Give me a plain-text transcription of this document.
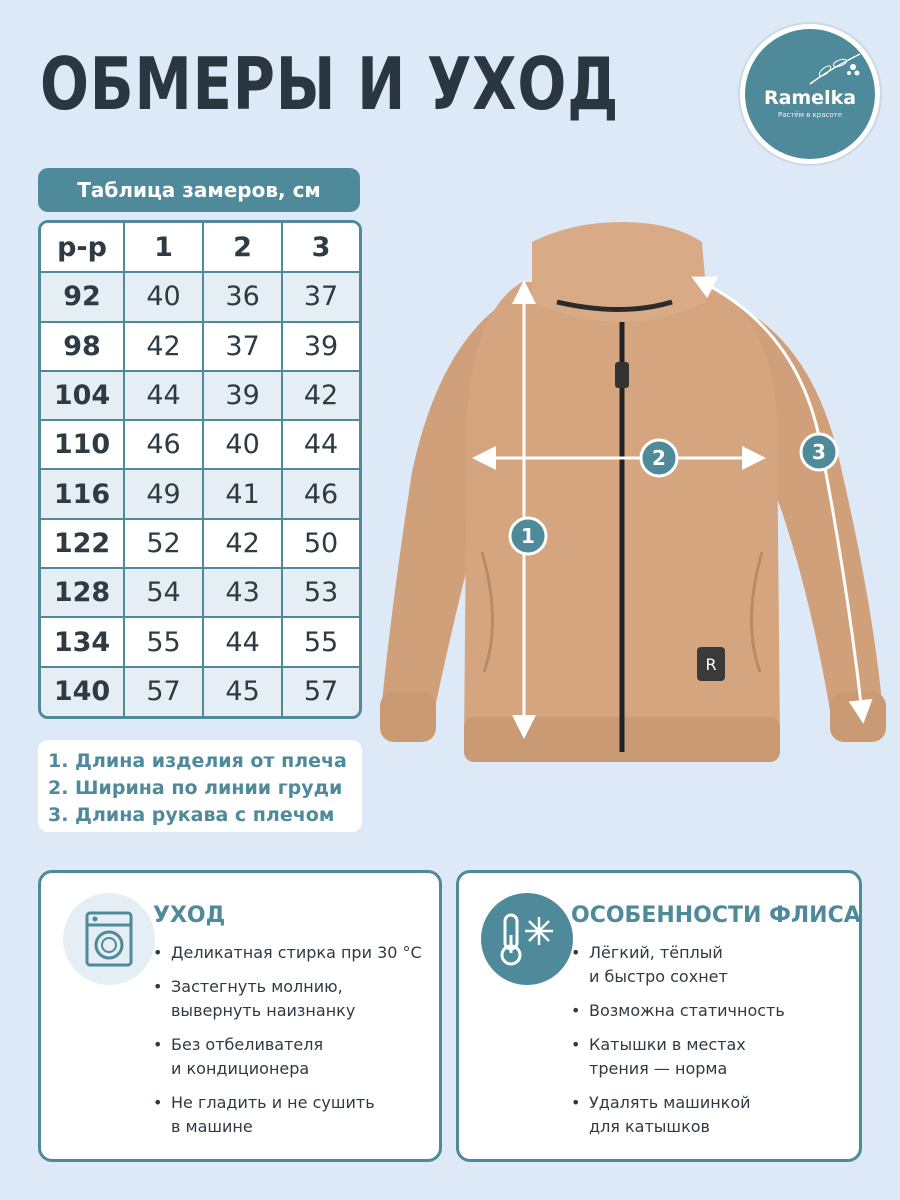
ОБМЕРЫ И УХОД	Ramelka
Растём в красоте
Таблица замеров, см
р-р	1	2	3
92	40	36	37
98	42	37	39
104	44	39	42
110	46	40	44
116	49	41	46
122	52	42	50
128	54	43	53
134	55	44	55
140	57	45	57
1. Длина изделия от плеча
2. Ширина по линии груди
3. Длина рукава с плечом
R
1
2	3
УХОД
• Деликатная стирка при 30 °С
• Застегнуть молнию,
вывернуть наизнанку
• Без отбеливателя
и кондиционера
• Не гладить и не сушить
в машине
ОСОБЕННОСТИ ФЛИСА
• Лёгкий, тёплый
и быстро сохнет
• Возможна статичность
• Катышки в местах
трения — норма
• Удалять машинкой
для катышков
